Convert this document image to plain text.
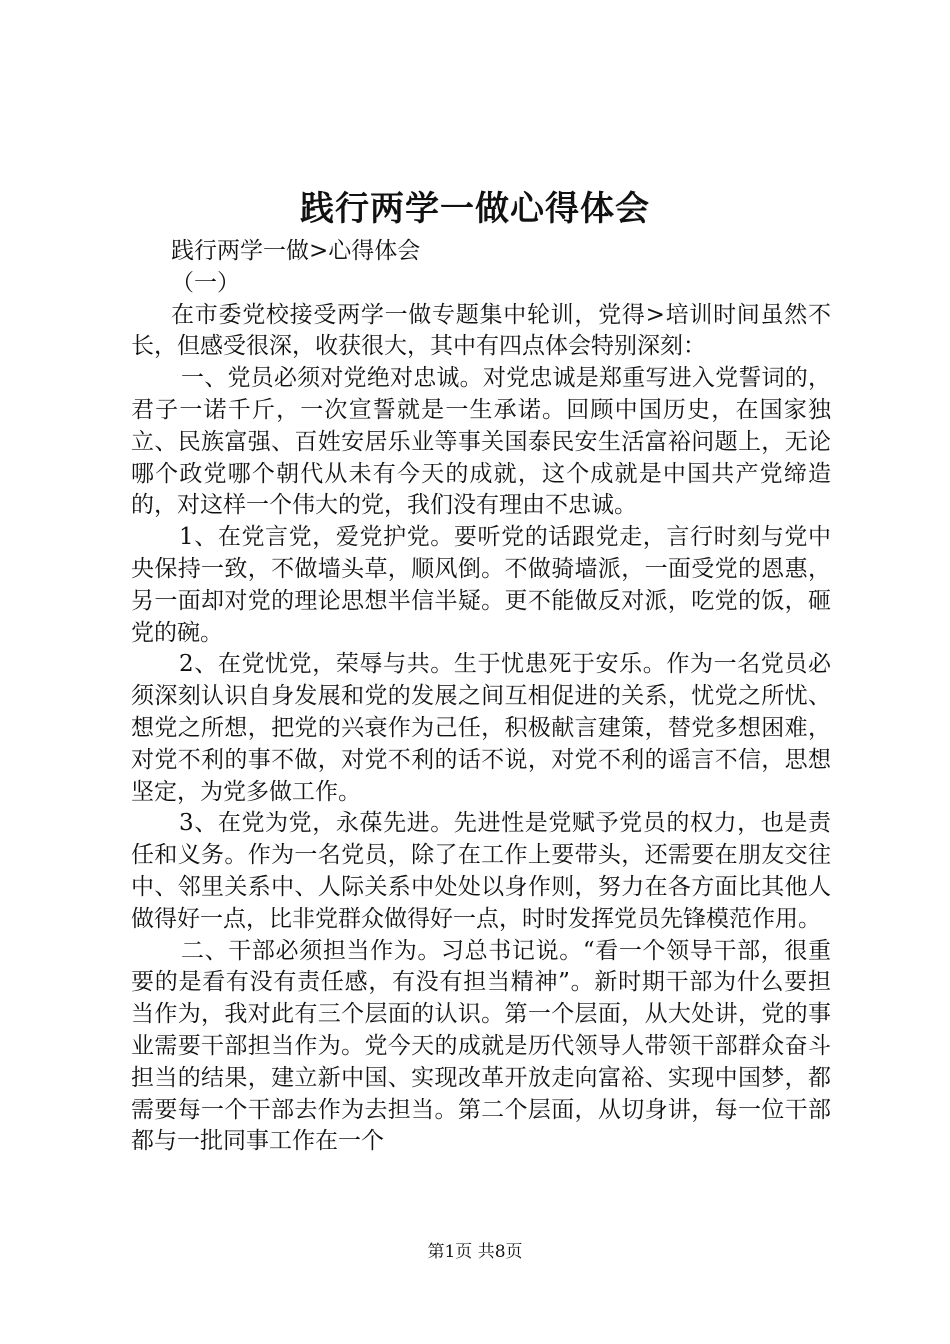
践行两学一做心得体会

践行两学一做>心得体会

（一）

在市委党校接受两学一做专题集中轮训，党得>培训时间虽然不长，但感受很深，收获很大，其中有四点体会特别深刻：

一、党员必须对党绝对忠诚。对党忠诚是郑重写进入党誓词的，君子一诺千斤，一次宣誓就是一生承诺。回顾中国历史，在国家独立、民族富强、百姓安居乐业等事关国泰民安生活富裕问题上，无论哪个政党哪个朝代从未有今天的成就，这个成就是中国共产党缔造的，对这样一个伟大的党，我们没有理由不忠诚。

1、在党言党，爱党护党。要听党的话跟党走，言行时刻与党中央保持一致，不做墙头草，顺风倒。不做骑墙派，一面受党的恩惠，另一面却对党的理论思想半信半疑。更不能做反对派，吃党的饭，砸党的碗。

2、在党忧党，荣辱与共。生于忧患死于安乐。作为一名党员必须深刻认识自身发展和党的发展之间互相促进的关系，忧党之所忧、想党之所想，把党的兴衰作为己任，积极献言建策，替党多想困难，对党不利的事不做，对党不利的话不说，对党不利的谣言不信，思想坚定，为党多做工作。

3、在党为党，永葆先进。先进性是党赋予党员的权力，也是责任和义务。作为一名党员，除了在工作上要带头，还需要在朋友交往中、邻里关系中、人际关系中处处以身作则，努力在各方面比其他人做得好一点，比非党群众做得好一点，时时发挥党员先锋模范作用。

二、干部必须担当作为。习总书记说。“看一个领导干部，很重要的是看有没有责任感，有没有担当精神”。新时期干部为什么要担当作为，我对此有三个层面的认识。第一个层面，从大处讲，党的事业需要干部担当作为。党今天的成就是历代领导人带领干部群众奋斗担当的结果，建立新中国、实现改革开放走向富裕、实现中国梦，都需要每一个干部去作为去担当。第二个层面，从切身讲，每一位干部都与一批同事工作在一个

第1页 共8页
